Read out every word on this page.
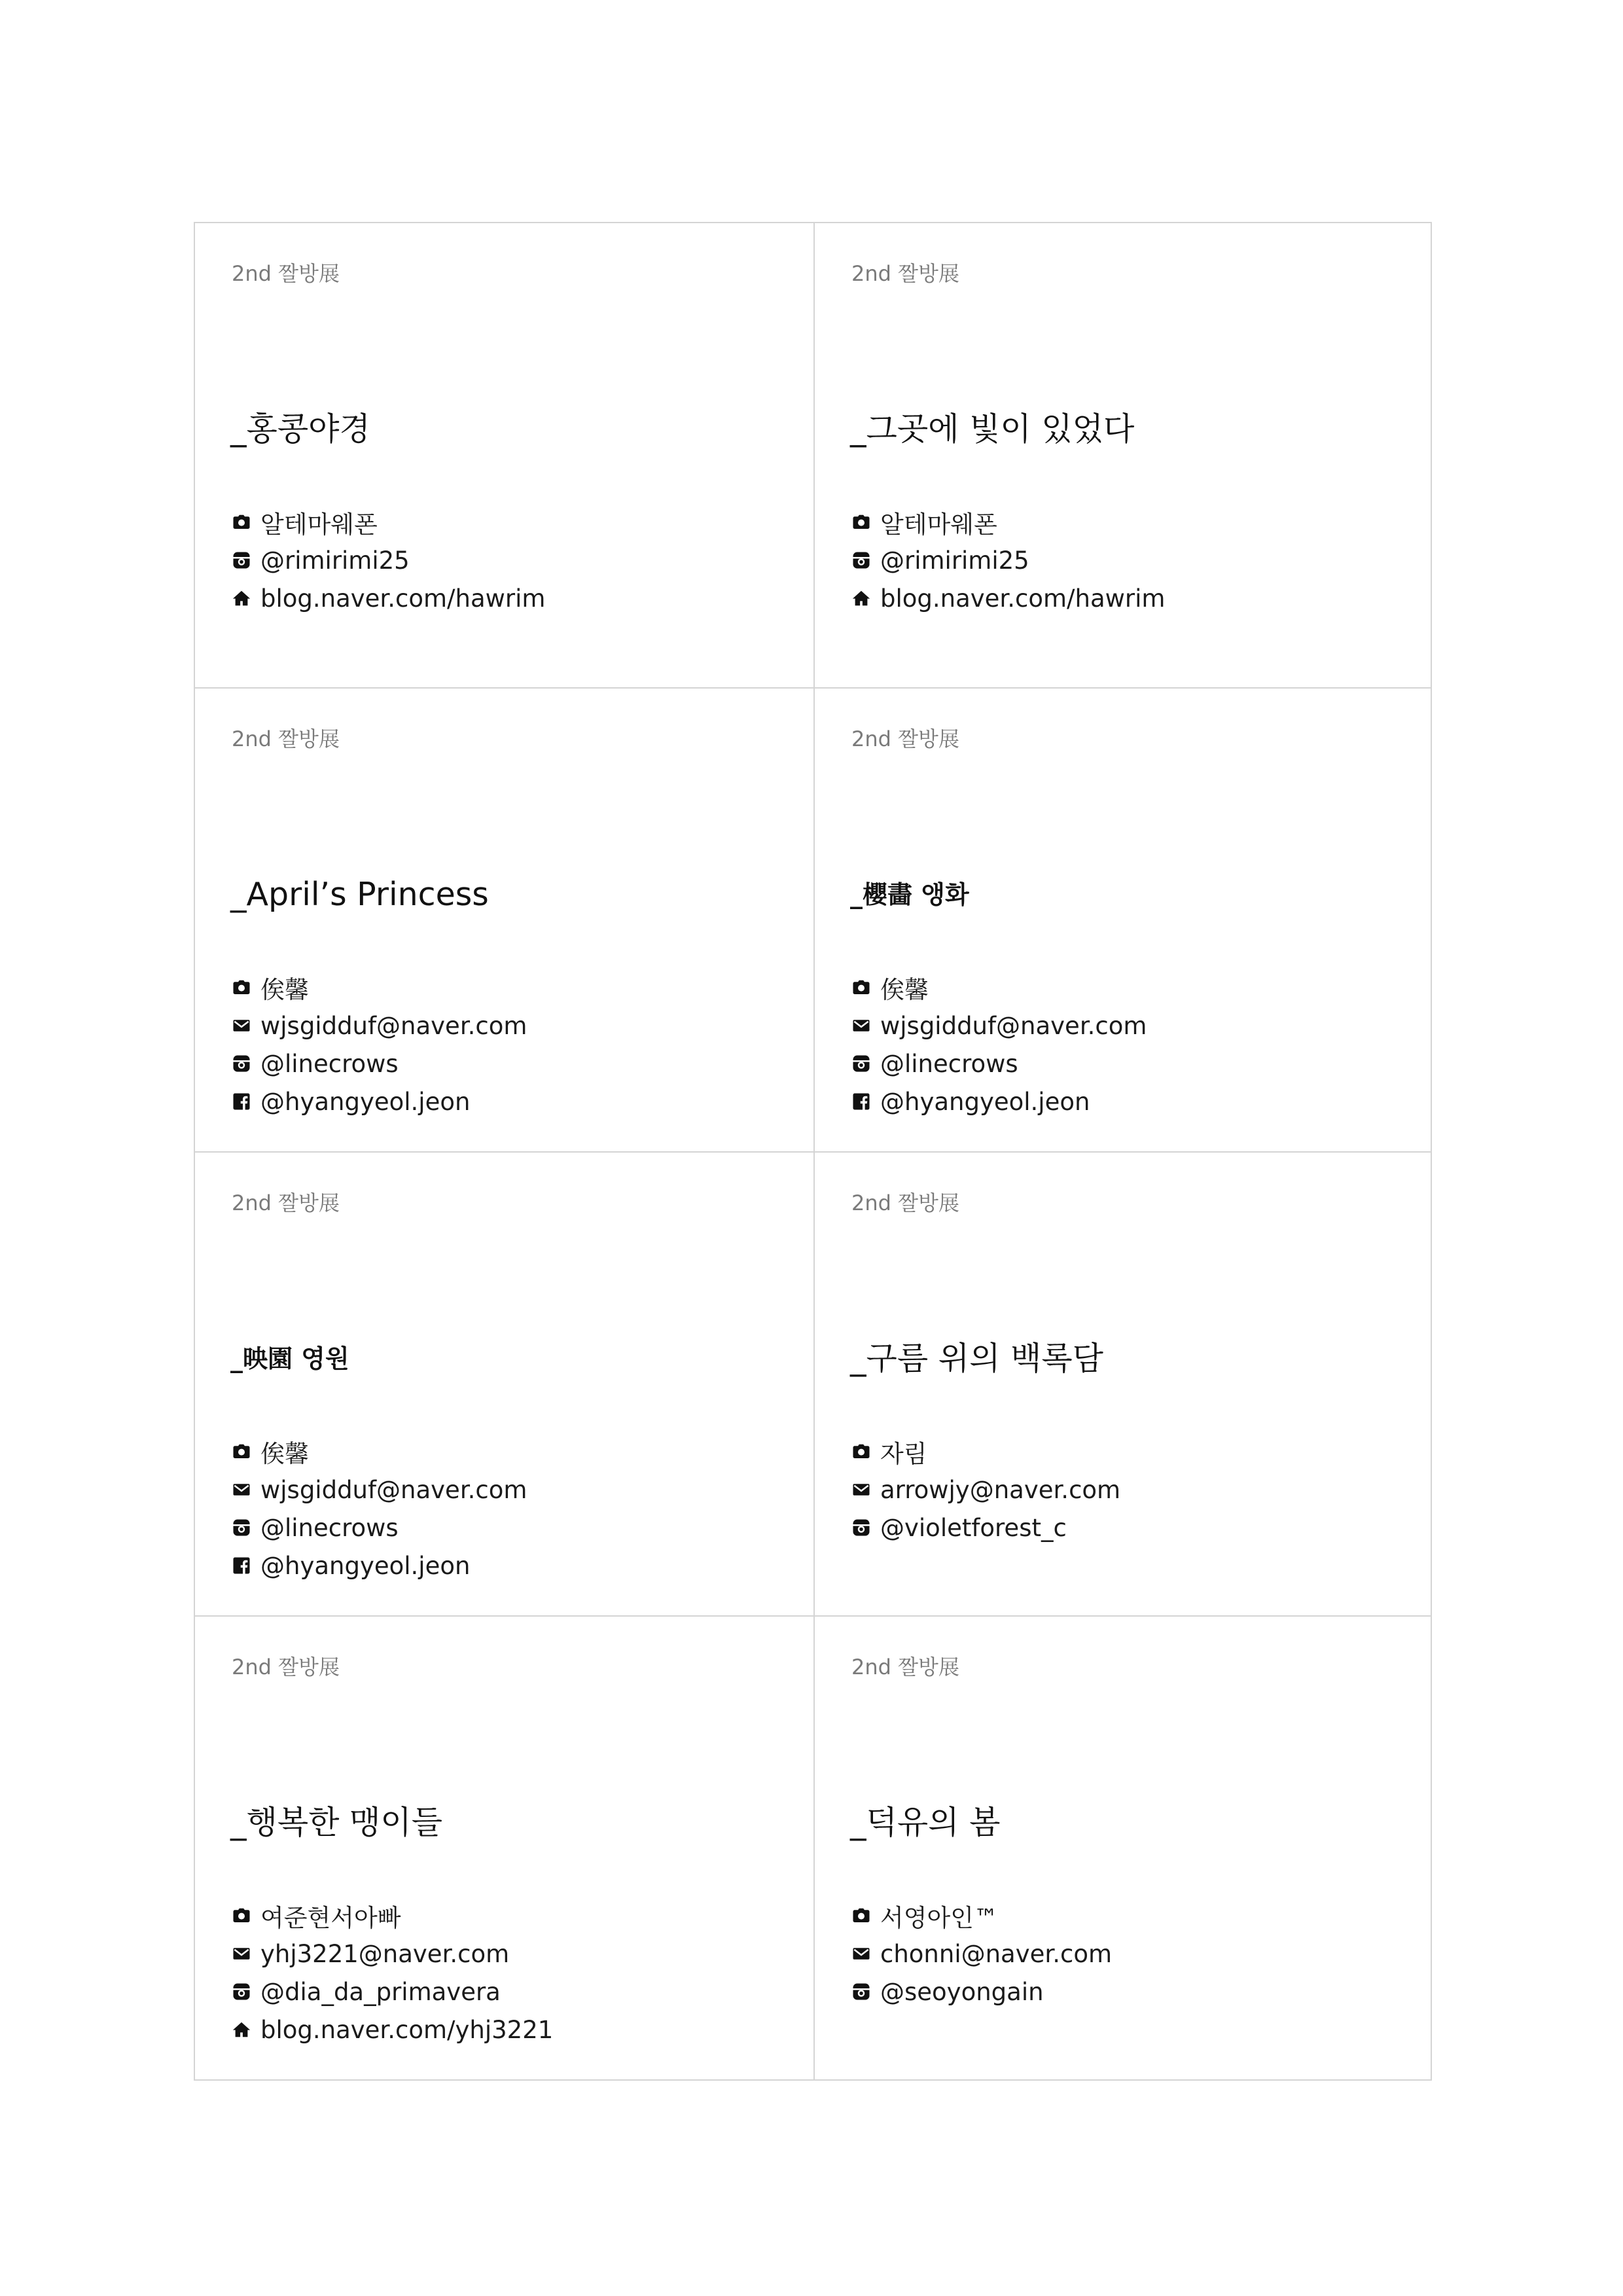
2nd 짤방展
_홍콩야경
알테마웨폰
@rimirimi25
blog.naver.com/hawrim
2nd 짤방展
_그곳에 빛이 있었다
알테마웨폰
@rimirimi25
blog.naver.com/hawrim
2nd 짤방展
_April’s Princess
俟馨
wjsgidduf@naver.com
@linecrows
@hyangyeol.jeon
2nd 짤방展
_櫻畵 앵화
俟馨
wjsgidduf@naver.com
@linecrows
@hyangyeol.jeon
2nd 짤방展
_映園 영원
俟馨
wjsgidduf@naver.com
@linecrows
@hyangyeol.jeon
2nd 짤방展
_구름 위의 백록담
자림
arrowjy@naver.com
@violetforest_c
2nd 짤방展
_행복한 맹이들
여준현서아빠
yhj3221@naver.com
@dia_da_primavera
blog.naver.com/yhj3221
2nd 짤방展
_덕유의 봄
서영아인™
chonni@naver.com
@seoyongain
